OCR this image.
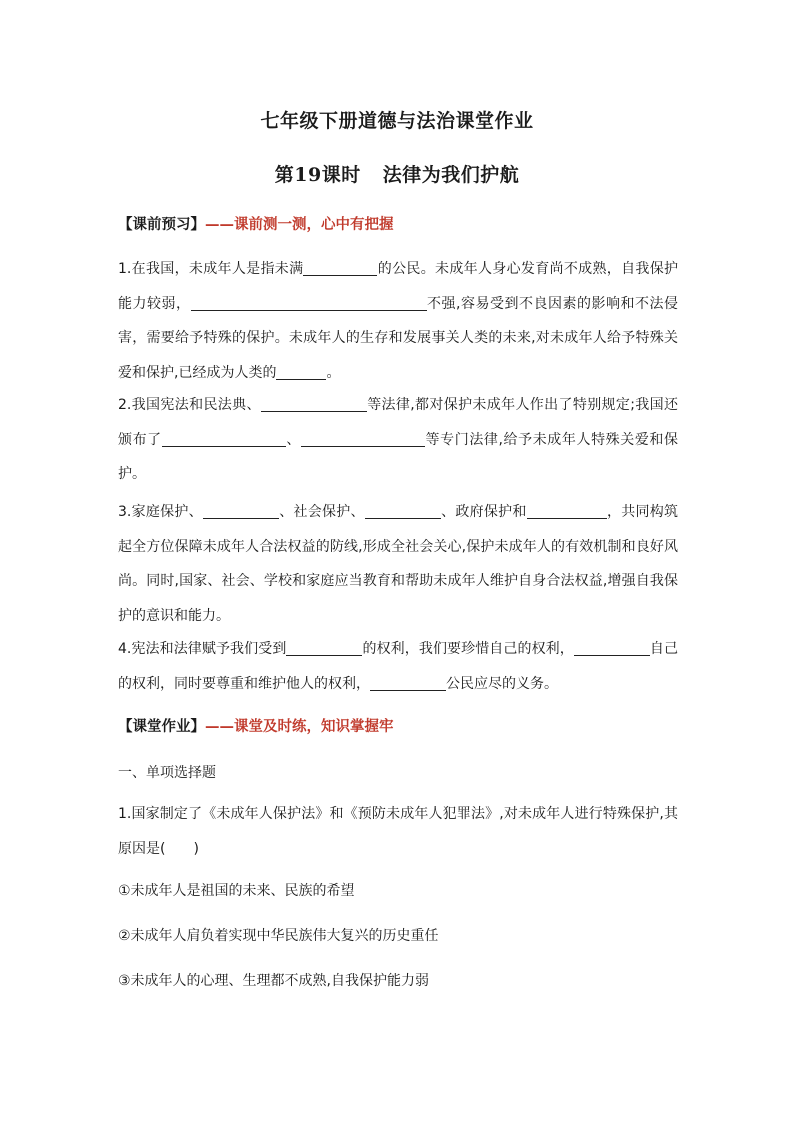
七年级下册道德与法治课堂作业
第19课时 法律为我们护航

【课前预习】——课前测一测，心中有把握

1.在我国，未成年人是指未满	的公民。未成年人身心发育尚不成熟，自我保护能力较弱，	不强,容易受到不良因素的影响和不法侵害，需要给予特殊的保护。未成年人的生存和发展事关人类的未来,对未成年人给予特殊关爱和保护,已经成为人类的	。

2.我国宪法和民法典、	等法律,都对保护未成年人作出了特别规定;我国还颁布了	、	等专门法律,给予未成年人特殊关爱和保护。

3.家庭保护、	、社会保护、	、政府保护和	，共同构筑起全方位保障未成年人合法权益的防线,形成全社会关心,保护未成年人的有效机制和良好风尚。同时,国家、社会、学校和家庭应当教育和帮助未成年人维护自身合法权益,增强自我保护的意识和能力。

4.宪法和法律赋予我们受到	的权利，我们要珍惜自己的权利，	自己的权利，同时要尊重和维护他人的权利，	公民应尽的义务。

【课堂作业】——课堂及时练，知识掌握牢

一、单项选择题

1.国家制定了《未成年人保护法》和《预防未成年人犯罪法》,对未成年人进行特殊保护,其原因是(　　)

①未成年人是祖国的未来、民族的希望

②未成年人肩负着实现中华民族伟大复兴的历史重任

③未成年人的心理、生理都不成熟,自我保护能力弱
